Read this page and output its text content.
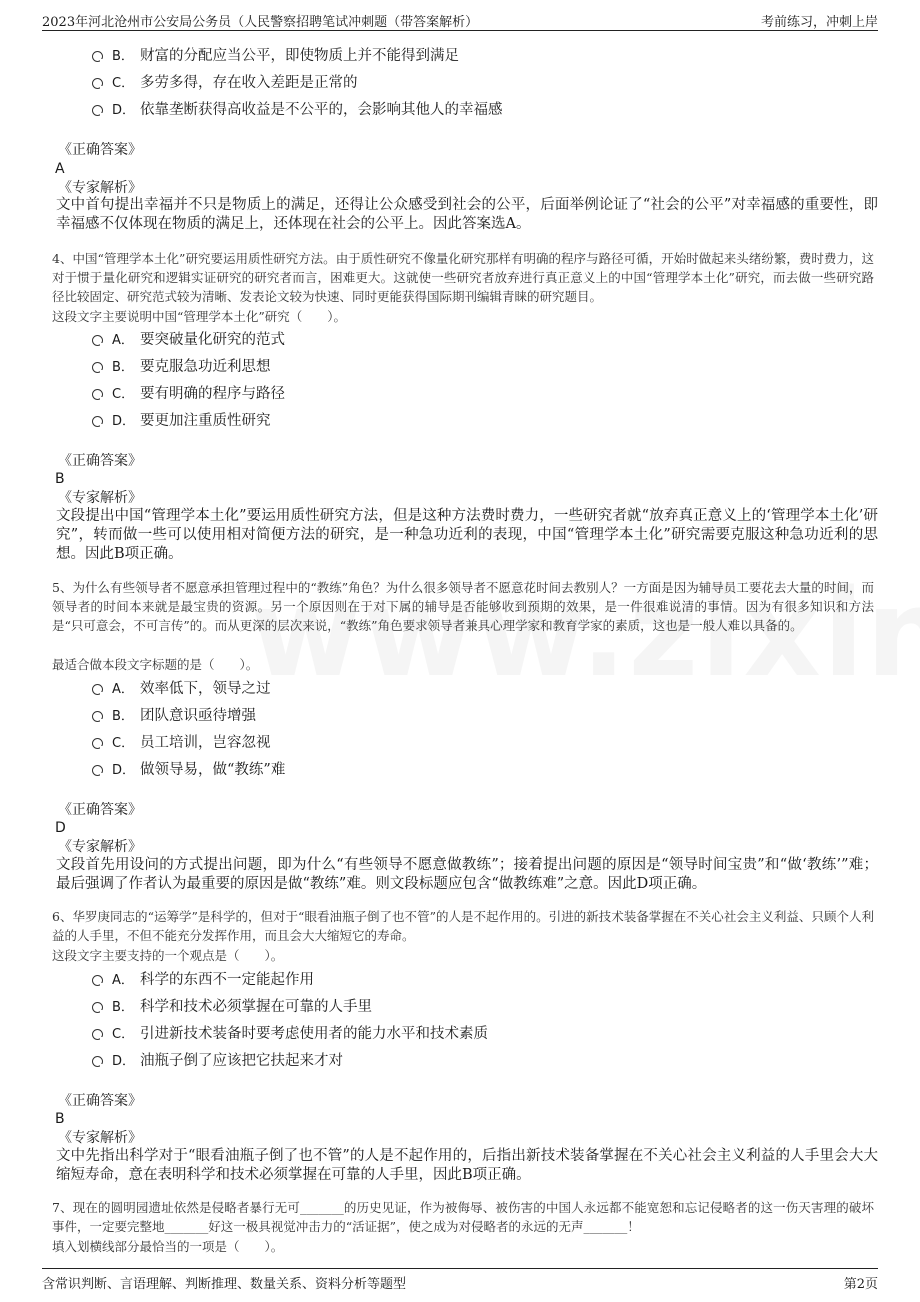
2023年河北沧州市公安局公务员（人民警察招聘笔试冲刺题（带答案解析）	考前练习，冲刺上岸
B． 财富的分配应当公平，即使物质上并不能得到满足
C． 多劳多得，存在收入差距是正常的
D． 依靠垄断获得高收益是不公平的，会影响其他人的幸福感
《正确答案》
A
《专家解析》
文中首句提出幸福并不只是物质上的满足，还得让公众感受到社会的公平，后面举例论证了“社会的公平”对幸福感的重要性，即幸福感不仅体现在物质的满足上，还体现在社会的公平上。因此答案选A。
4、中国“管理学本土化”研究要运用质性研究方法。由于质性研究不像量化研究那样有明确的程序与路径可循，开始时做起来头绪纷繁，费时费力，这对于惯于量化研究和逻辑实证研究的研究者而言，困难更大。这就使一些研究者放弃进行真正意义上的中国“管理学本土化”研究，而去做一些研究路径比较固定、研究范式较为清晰、发表论文较为快速、同时更能获得国际期刊编辑青睐的研究题目。
这段文字主要说明中国“管理学本土化”研究（　　）。
A． 要突破量化研究的范式
B． 要克服急功近利思想
C． 要有明确的程序与路径
D． 要更加注重质性研究
《正确答案》
B
《专家解析》
文段提出中国“管理学本土化”要运用质性研究方法，但是这种方法费时费力，一些研究者就“放弃真正意义上的‘管理学本土化’研究”，转而做一些可以使用相对简便方法的研究，是一种急功近利的表现，中国“管理学本土化”研究需要克服这种急功近利的思想。因此B项正确。
5、为什么有些领导者不愿意承担管理过程中的“教练”角色？为什么很多领导者不愿意花时间去教别人？一方面是因为辅导员工要花去大量的时间，而领导者的时间本来就是最宝贵的资源。另一个原因则在于对下属的辅导是否能够收到预期的效果，是一件很难说清的事情。因为有很多知识和方法是“只可意会，不可言传”的。而从更深的层次来说，“教练”角色要求领导者兼具心理学家和教育学家的素质，这也是一般人难以具备的。
最适合做本段文字标题的是（　　）。
A． 效率低下，领导之过
B． 团队意识亟待增强
C． 员工培训，岂容忽视
D． 做领导易，做“教练”难
《正确答案》
D
《专家解析》
文段首先用设问的方式提出问题，即为什么“有些领导不愿意做教练”；接着提出问题的原因是“领导时间宝贵”和“做‘教练’”难；最后强调了作者认为最重要的原因是做“教练”难。则文段标题应包含“做教练难”之意。因此D项正确。
6、华罗庚同志的“运筹学”是科学的，但对于“眼看油瓶子倒了也不管”的人是不起作用的。引进的新技术装备掌握在不关心社会主义利益、只顾个人利益的人手里，不但不能充分发挥作用，而且会大大缩短它的寿命。
这段文字主要支持的一个观点是（　　）。
A． 科学的东西不一定能起作用
B． 科学和技术必须掌握在可靠的人手里
C． 引进新技术装备时要考虑使用者的能力水平和技术素质
D． 油瓶子倒了应该把它扶起来才对
《正确答案》
B
《专家解析》
文中先指出科学对于“眼看油瓶子倒了也不管”的人是不起作用的，后指出新技术装备掌握在不关心社会主义利益的人手里会大大缩短寿命，意在表明科学和技术必须掌握在可靠的人手里，因此B项正确。
7、现在的圆明园遗址依然是侵略者暴行无可_______的历史见证，作为被侮辱、被伤害的中国人永远都不能宽恕和忘记侵略者的这一伤天害理的破坏事件，一定要完整地_______好这一极具视觉冲击力的“活证据”，使之成为对侵略者的永远的无声_______！
填入划横线部分最恰当的一项是（　　）。
含常识判断、言语理解、判断推理、数量关系、资料分析等题型	第2页
